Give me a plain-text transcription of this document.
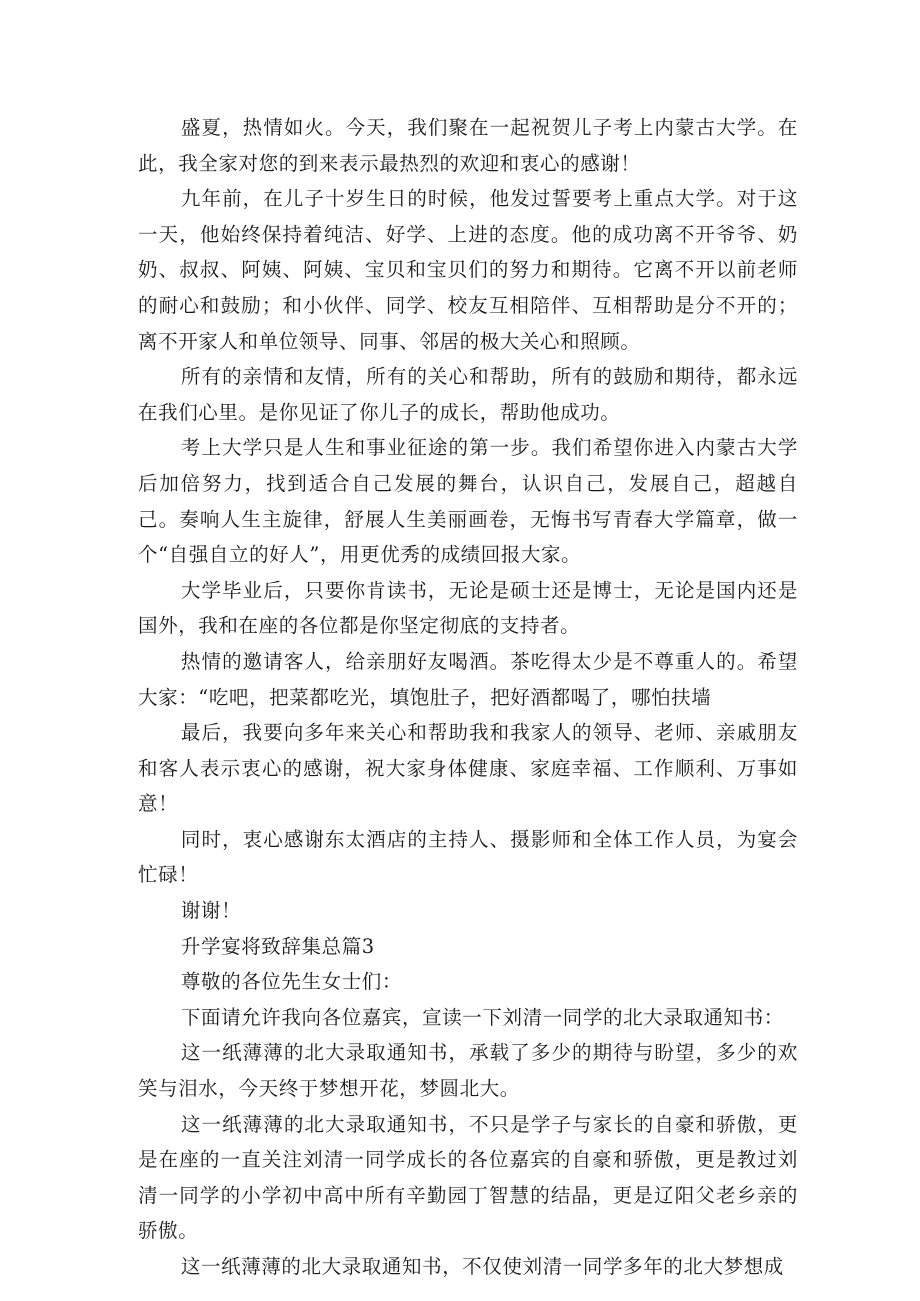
盛夏，热情如火。今天，我们聚在一起祝贺儿子考上内蒙古大学。在此，我全家对您的到来表示最热烈的欢迎和衷心的感谢！

九年前，在儿子十岁生日的时候，他发过誓要考上重点大学。对于这一天，他始终保持着纯洁、好学、上进的态度。他的成功离不开爷爷、奶奶、叔叔、阿姨、阿姨、宝贝和宝贝们的努力和期待。它离不开以前老师的耐心和鼓励；和小伙伴、同学、校友互相陪伴、互相帮助是分不开的；离不开家人和单位领导、同事、邻居的极大关心和照顾。

所有的亲情和友情，所有的关心和帮助，所有的鼓励和期待，都永远在我们心里。是你见证了你儿子的成长，帮助他成功。

考上大学只是人生和事业征途的第一步。我们希望你进入内蒙古大学后加倍努力，找到适合自己发展的舞台，认识自己，发展自己，超越自己。奏响人生主旋律，舒展人生美丽画卷，无悔书写青春大学篇章，做一个“自强自立的好人”，用更优秀的成绩回报大家。

大学毕业后，只要你肯读书，无论是硕士还是博士，无论是国内还是国外，我和在座的各位都是你坚定彻底的支持者。

热情的邀请客人，给亲朋好友喝酒。茶吃得太少是不尊重人的。希望大家：“吃吧，把菜都吃光，填饱肚子，把好酒都喝了，哪怕扶墙

最后，我要向多年来关心和帮助我和我家人的领导、老师、亲戚朋友和客人表示衷心的感谢，祝大家身体健康、家庭幸福、工作顺利、万事如意！

同时，衷心感谢东太酒店的主持人、摄影师和全体工作人员，为宴会忙碌！

谢谢！

升学宴将致辞集总篇3

尊敬的各位先生女士们：

下面请允许我向各位嘉宾，宣读一下刘清一同学的北大录取通知书：

这一纸薄薄的北大录取通知书，承载了多少的期待与盼望，多少的欢笑与泪水，今天终于梦想开花，梦圆北大。

这一纸薄薄的北大录取通知书，不只是学子与家长的自豪和骄傲，更是在座的一直关注刘清一同学成长的各位嘉宾的自豪和骄傲，更是教过刘清一同学的小学初中高中所有辛勤园丁智慧的结晶，更是辽阳父老乡亲的骄傲。

这一纸薄薄的北大录取通知书，不仅使刘清一同学多年的北大梦想成
